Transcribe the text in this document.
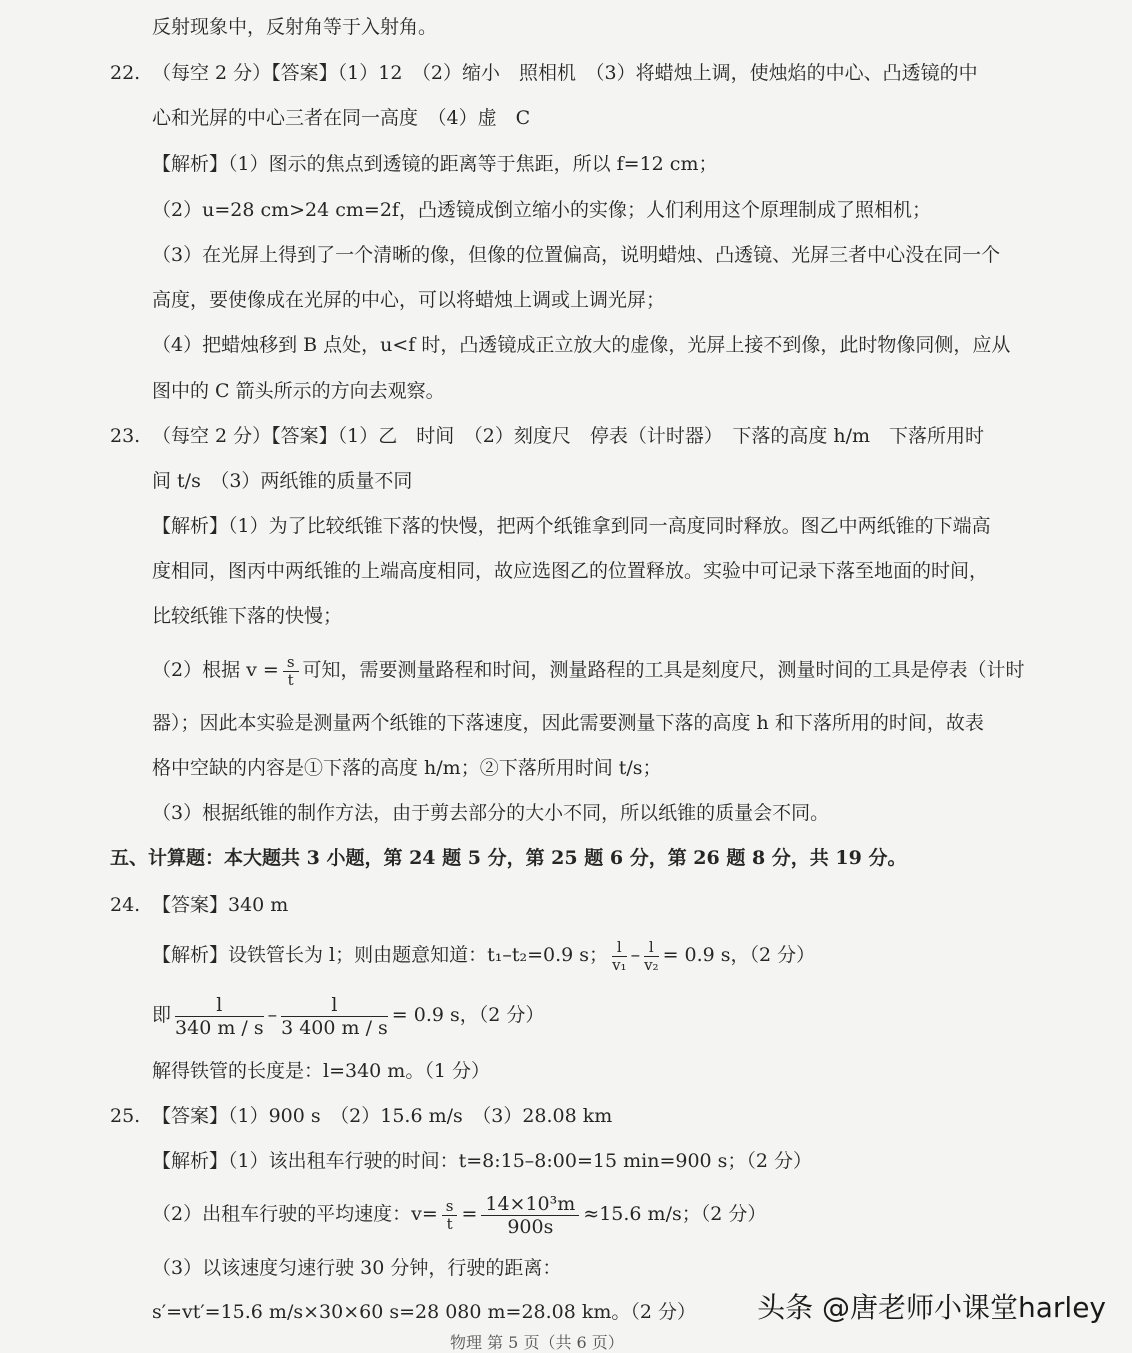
反射现象中，反射角等于入射角。
22. （每空 2 分）【答案】（1）12　（2）缩小　照相机　（3）将蜡烛上调，使烛焰的中心、凸透镜的中
心和光屏的中心三者在同一高度　（4）虚　C
【解析】（1）图示的焦点到透镜的距离等于焦距，所以 f=12 cm；
（2）u=28 cm>24 cm=2f，凸透镜成倒立缩小的实像；人们利用这个原理制成了照相机；
（3）在光屏上得到了一个清晰的像，但像的位置偏高，说明蜡烛、凸透镜、光屏三者中心没在同一个
高度，要使像成在光屏的中心，可以将蜡烛上调或上调光屏；
（4）把蜡烛移到 B 点处，u<f 时，凸透镜成正立放大的虚像，光屏上接不到像，此时物像同侧，应从
图中的 C 箭头所示的方向去观察。
23. （每空 2 分）【答案】（1）乙　时间　（2）刻度尺　停表（计时器）　下落的高度 h/m　下落所用时
间 t/s　（3）两纸锥的质量不同
【解析】（1）为了比较纸锥下落的快慢，把两个纸锥拿到同一高度同时释放。图乙中两纸锥的下端高
度相同，图丙中两纸锥的上端高度相同，故应选图乙的位置释放。实验中可记录下落至地面的时间，
比较纸锥下落的快慢；
（2）根据 $v = \frac{s}{t}$ 可知，需要测量路程和时间，测量路程的工具是刻度尺，测量时间的工具是停表（计时
器）；因此本实验是测量两个纸锥的下落速度，因此需要测量下落的高度 h 和下落所用的时间，故表
格中空缺的内容是①下落的高度 h/m；②下落所用时间 t/s；
（3）根据纸锥的制作方法，由于剪去部分的大小不同，所以纸锥的质量会不同。
五、计算题：本大题共 3 小题，第 24 题 5 分，第 25 题 6 分，第 26 题 8 分，共 19 分。
24. 【答案】340 m
【解析】设铁管长为 l；则由题意知道：t₁–t₂=0.9 s； $\frac{l}{\text{v₁}} - \frac{l}{\text{v₂}} = 0.9$ s，（2 分）
即 $\frac{l}{340 m / s} - \frac{l}{3 400 m / s} = 0.9$ s，（2 分）
解得铁管的长度是：l=340 m。（1 分）
25. 【答案】（1）900 s　（2）15.6 m/s　（3）28.08 km
【解析】（1）该出租车行驶的时间：t=8:15–8:00=15 min=900 s；（2 分）
（2）出租车行驶的平均速度：$v= \frac{s}{t} = \frac{\text{14×10³m}}{900s} \approx 15.6$ m/s；（2 分）
（3）以该速度匀速行驶 30 分钟，行驶的距离：
s′=vt′=15.6 m/s×30×60 s=28 080 m=28.08 km。（2 分）
物理 第 5 页（共 6 页）
头条 @唐老师小课堂harley
